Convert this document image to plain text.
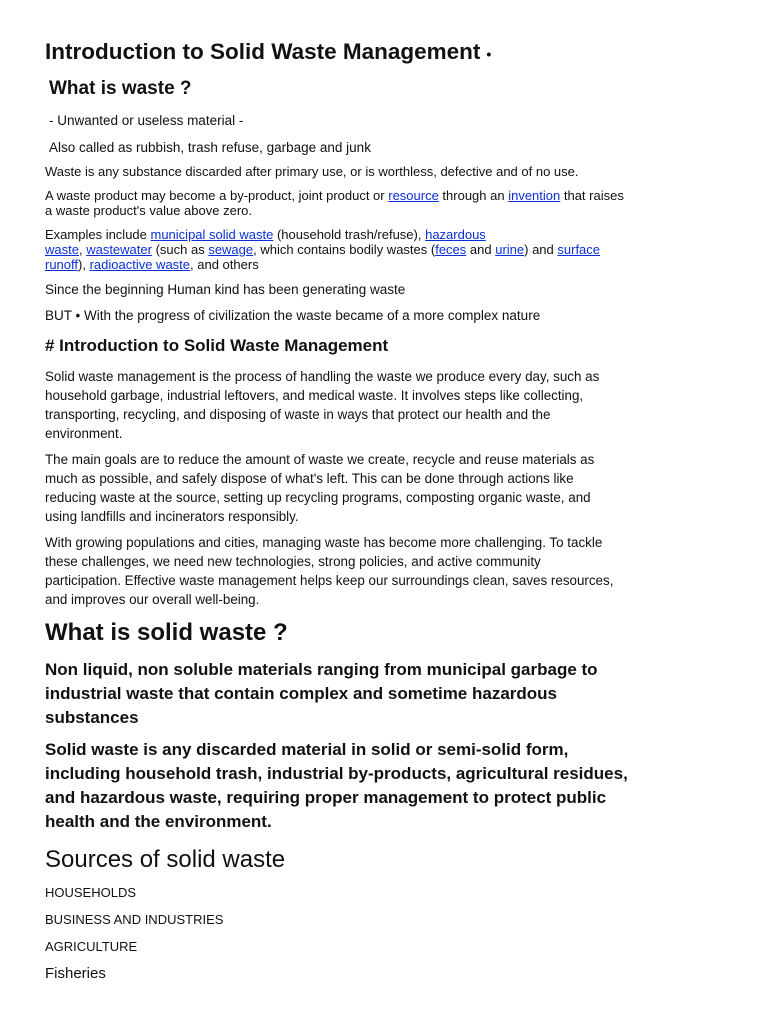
Introduction to Solid Waste Management •
What is waste ?

- Unwanted or useless material -

Also called as rubbish, trash refuse, garbage and junk

Waste is any substance discarded after primary use, or is worthless, defective and of no use.

A waste product may become a by-product, joint product or resource through an invention that raises
a waste product's value above zero.
Examples include municipal solid waste (household trash/refuse), hazardous
waste, wastewater (such as sewage, which contains bodily wastes (feces and urine) and surface
runoff), radioactive waste, and others

Since the beginning Human kind has been generating waste

BUT • With the progress of civilization the waste became of a more complex nature

# Introduction to Solid Waste Management
Solid waste management is the process of handling the waste we produce every day, such as
household garbage, industrial leftovers, and medical waste. It involves steps like collecting,
transporting, recycling, and disposing of waste in ways that protect our health and the
environment.
The main goals are to reduce the amount of waste we create, recycle and reuse materials as
much as possible, and safely dispose of what's left. This can be done through actions like
reducing waste at the source, setting up recycling programs, composting organic waste, and
using landfills and incinerators responsibly.
With growing populations and cities, managing waste has become more challenging. To tackle
these challenges, we need new technologies, strong policies, and active community
participation. Effective waste management helps keep our surroundings clean, saves resources,
and improves our overall well-being.
What is solid waste ?
Non liquid, non soluble materials ranging from municipal garbage to
industrial waste that contain complex and sometime hazardous
substances
Solid waste is any discarded material in solid or semi-solid form,
including household trash, industrial by-products, agricultural residues,
and hazardous waste, requiring proper management to protect public
health and the environment.
Sources of solid waste

HOUSEHOLDS

BUSINESS AND INDUSTRIES

AGRICULTURE

Fisheries
